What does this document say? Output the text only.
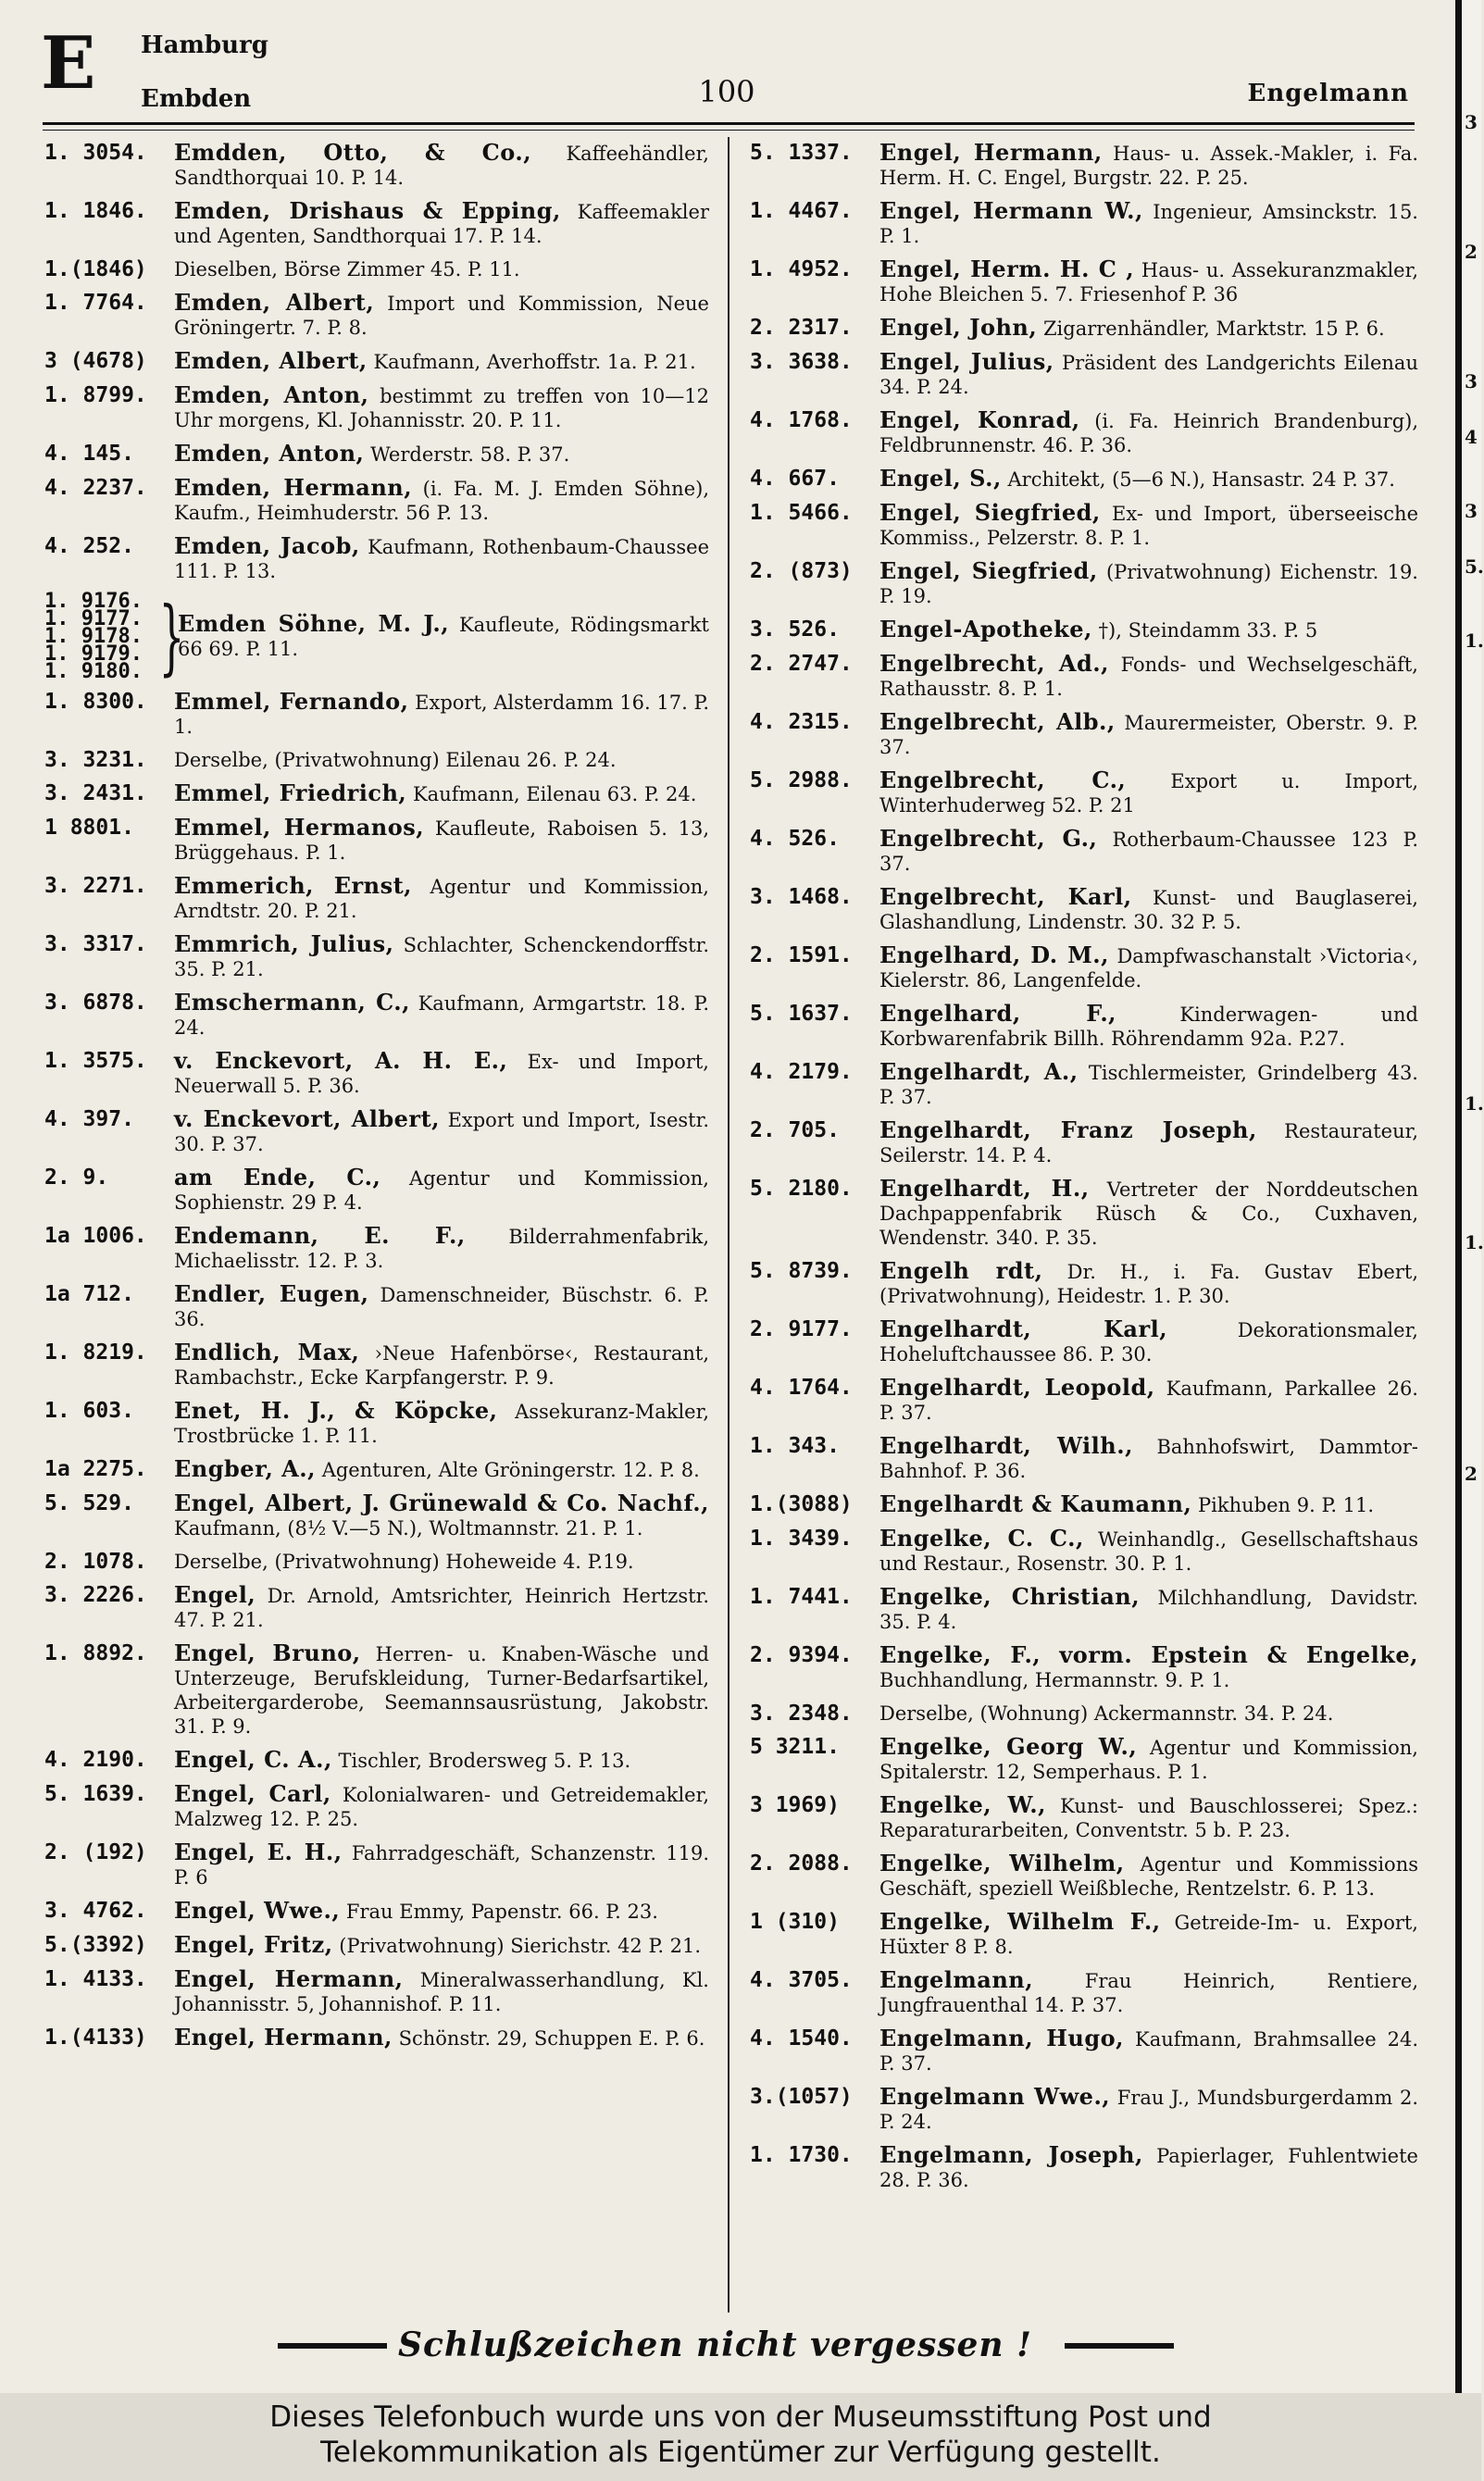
E Hamburg
Embden	100	Engelmann
1. 3054.	Emdden, Otto, & Co., Kaffeehändler, Sandthorquai 10. P. 14.
1. 1846.	Emden, Drishaus & Epping, Kaffeemakler und Agenten, Sandthorquai 17. P. 14.
1.(1846)	Dieselben, Börse Zimmer 45. P. 11.
1. 7764.	Emden, Albert, Import und Kommission, Neue Gröningertr. 7. P. 8.
3 (4678)	Emden, Albert, Kaufmann, Averhoffstr. 1a. P. 21.
1. 8799.	Emden, Anton, bestimmt zu treffen von 10—12 Uhr morgens, Kl. Johannisstr. 20. P. 11.
4. 145.	Emden, Anton, Werderstr. 58. P. 37.
4. 2237.	Emden, Hermann, (i. Fa. M. J. Emden Söhne), Kaufm., Heimhuderstr. 56 P. 13.
4. 252.	Emden, Jacob, Kaufmann, Rothenbaum-Chaussee 111. P. 13.
1. 9176.
1. 9177.
1. 9178.
1. 9179.
1. 9180. }
Emden Söhne, M. J., Kaufleute, Rödingsmarkt 66 69. P. 11.
1. 8300.	Emmel, Fernando, Export, Alsterdamm 16. 17. P. 1.
3. 3231.	Derselbe, (Privatwohnung) Eilenau 26. P. 24.
3. 2431.	Emmel, Friedrich, Kaufmann, Eilenau 63. P. 24.
1 8801.	Emmel, Hermanos, Kaufleute, Raboisen 5. 13, Brüggehaus. P. 1.
3. 2271.	Emmerich, Ernst, Agentur und Kommission, Arndtstr. 20. P. 21.
3. 3317.	Emmrich, Julius, Schlachter, Schenckendorffstr. 35. P. 21.
3. 6878.	Emschermann, C., Kaufmann, Armgartstr. 18. P. 24.
1. 3575.	v. Enckevort, A. H. E., Ex- und Import, Neuerwall 5. P. 36.
4. 397.	v. Enckevort, Albert, Export und Import, Isestr. 30. P. 37.
2. 9.	am Ende, C., Agentur und Kommission, Sophienstr. 29 P. 4.
1a 1006.	Endemann, E. F., Bilderrahmenfabrik, Michaelisstr. 12. P. 3.
1a 712.	Endler, Eugen, Damenschneider, Büschstr. 6. P. 36.
1. 8219.	Endlich, Max, ›Neue Hafenbörse‹, Restaurant, Rambachstr., Ecke Karpfangerstr. P. 9.
1. 603.	Enet, H. J., & Köpcke, Assekuranz-Makler, Trostbrücke 1. P. 11.
1a 2275.	Engber, A., Agenturen, Alte Gröningerstr. 12. P. 8.
5. 529.	Engel, Albert, J. Grünewald & Co. Nachf., Kaufmann, (8½ V.—5 N.), Woltmannstr. 21. P. 1.
2. 1078.	Derselbe, (Privatwohnung) Hoheweide 4. P.19.
3. 2226.	Engel, Dr. Arnold, Amtsrichter, Heinrich Hertzstr. 47. P. 21.
1. 8892.	Engel, Bruno, Herren- u. Knaben-Wäsche und Unterzeuge, Berufskleidung, Turner-Bedarfsartikel, Arbeitergarderobe, Seemannsausrüstung, Jakobstr. 31. P. 9.
4. 2190.	Engel, C. A., Tischler, Brodersweg 5. P. 13.
5. 1639.	Engel, Carl, Kolonialwaren- und Getreidemakler, Malzweg 12. P. 25.
2. (192)	Engel, E. H., Fahrradgeschäft, Schanzenstr. 119. P. 6
3. 4762.	Engel, Wwe., Frau Emmy, Papenstr. 66. P. 23.
5.(3392)	Engel, Fritz, (Privatwohnung) Sierichstr. 42 P. 21.
1. 4133.	Engel, Hermann, Mineralwasserhandlung, Kl. Johannisstr. 5, Johannishof. P. 11.
1.(4133)	Engel, Hermann, Schönstr. 29, Schuppen E. P. 6.
5. 1337.	Engel, Hermann, Haus- u. Assek.-Makler, i. Fa. Herm. H. C. Engel, Burgstr. 22. P. 25.
1. 4467.	Engel, Hermann W., Ingenieur, Amsinckstr. 15. P. 1.
1. 4952.	Engel, Herm. H. C , Haus- u. Assekuranzmakler, Hohe Bleichen 5. 7. Friesenhof P. 36
2. 2317.	Engel, John, Zigarrenhändler, Marktstr. 15 P. 6.
3. 3638.	Engel, Julius, Präsident des Landgerichts Eilenau 34. P. 24.
4. 1768.	Engel, Konrad, (i. Fa. Heinrich Brandenburg), Feldbrunnenstr. 46. P. 36.
4. 667.	Engel, S., Architekt, (5—6 N.), Hansastr. 24 P. 37.
1. 5466.	Engel, Siegfried, Ex- und Import, überseeische Kommiss., Pelzerstr. 8. P. 1.
2. (873)	Engel, Siegfried, (Privatwohnung) Eichenstr. 19. P. 19.
3. 526.	Engel-Apotheke, †), Steindamm 33. P. 5
2. 2747.	Engelbrecht, Ad., Fonds- und Wechselgeschäft, Rathausstr. 8. P. 1.
4. 2315.	Engelbrecht, Alb., Maurermeister, Oberstr. 9. P. 37.
5. 2988.	Engelbrecht, C., Export u. Import, Winterhuderweg 52. P. 21
4. 526.	Engelbrecht, G., Rotherbaum-Chaussee 123 P. 37.
3. 1468.	Engelbrecht, Karl, Kunst- und Bauglaserei, Glashandlung, Lindenstr. 30. 32 P. 5.
2. 1591.	Engelhard, D. M., Dampfwaschanstalt ›Victoria‹, Kielerstr. 86, Langenfelde.
5. 1637.	Engelhard, F.,	Kinderwagen- und Korbwarenfabrik Billh. Röhrendamm 92a. P.27.
4. 2179.	Engelhardt, A., Tischlermeister, Grindelberg 43. P. 37.
2. 705.	Engelhardt, Franz Joseph, Restaurateur, Seilerstr. 14. P. 4.
5. 2180.	Engelhardt, H., Vertreter der Norddeutschen Dachpappenfabrik Rüsch & Co., Cuxhaven, Wendenstr. 340. P. 35.
5. 8739.	Engelh rdt, Dr. H., i. Fa. Gustav Ebert, (Privatwohnung), Heidestr. 1. P. 30.
2. 9177.	Engelhardt, Karl,	Dekorationsmaler, Hoheluftchaussee 86. P. 30.
4. 1764.	Engelhardt, Leopold, Kaufmann, Parkallee 26. P. 37.
1. 343.	Engelhardt, Wilh., Bahnhofswirt, Dammtor-Bahnhof. P. 36.
1.(3088)	Engelhardt & Kaumann, Pikhuben 9. P. 11.
1. 3439.	Engelke, C. C., Weinhandlg., Gesellschaftshaus und Restaur., Rosenstr. 30. P. 1.
1. 7441.	Engelke, Christian, Milchhandlung, Davidstr. 35. P. 4.
2. 9394.	Engelke, F., vorm. Epstein & Engelke, Buchhandlung, Hermannstr. 9. P. 1.
3. 2348.	Derselbe, (Wohnung) Ackermannstr. 34. P. 24.
5 3211.	Engelke, Georg W., Agentur und Kommission, Spitalerstr. 12, Semperhaus. P. 1.
3 1969)	Engelke, W., Kunst- und Bauschlosserei; Spez.: Reparaturarbeiten, Conventstr. 5 b. P. 23.
2. 2088.	Engelke, Wilhelm, Agentur und Kommissions Geschäft, speziell Weißbleche, Rentzelstr. 6. P. 13.
1 (310)	Engelke, Wilhelm F., Getreide-Im- u. Export, Hüxter 8 P. 8.
4. 3705.	Engelmann,	Frau Heinrich, Rentiere, Jungfrauenthal 14. P. 37.
4. 1540.	Engelmann, Hugo, Kaufmann, Brahmsallee 24. P. 37.
3.(1057)	Engelmann Wwe., Frau J., Mundsburgerdamm 2. P. 24.
1. 1730.	Engelmann, Joseph, Papierlager, Fuhlentwiete 28. P. 36.
Schlußzeichen nicht vergessen !
3
2
3
4
3
5.
1.
1.
1.
2
Dieses Telefonbuch wurde uns von der Museumsstiftung Post und
Telekommunikation als Eigentümer zur Verfügung gestellt.
